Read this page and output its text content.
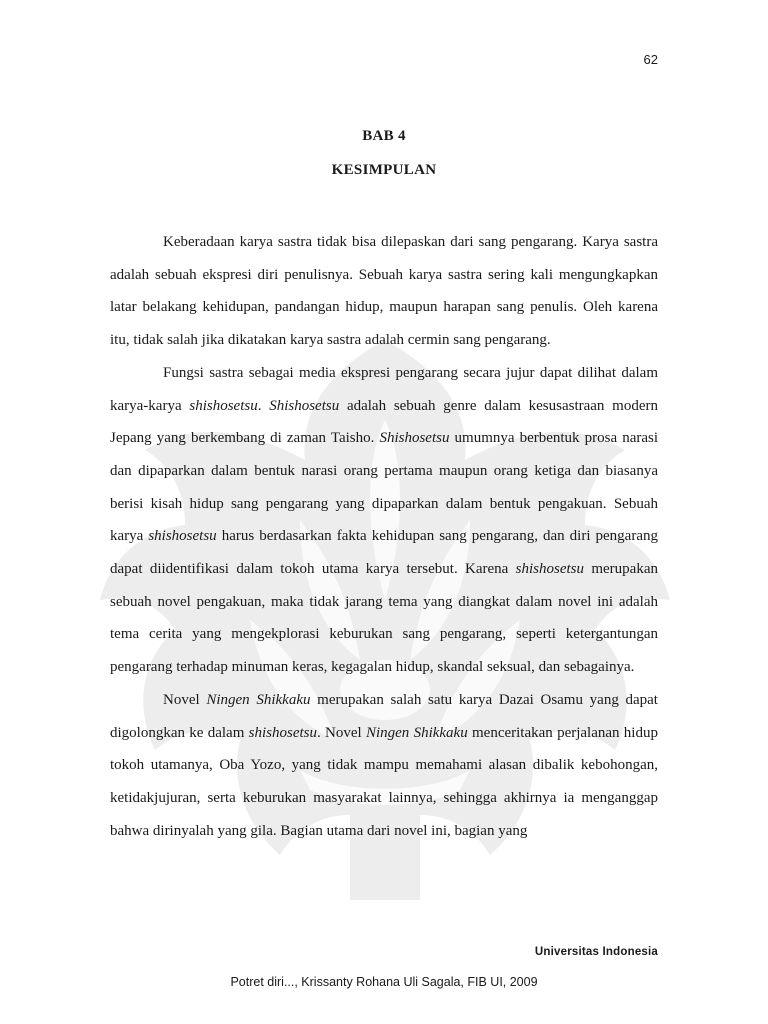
62
BAB 4
KESIMPULAN

Keberadaan karya sastra tidak bisa dilepaskan dari sang pengarang. Karya sastra adalah sebuah ekspresi diri penulisnya. Sebuah karya sastra sering kali mengungkapkan latar belakang kehidupan, pandangan hidup, maupun harapan sang penulis. Oleh karena itu, tidak salah jika dikatakan karya sastra adalah cermin sang pengarang.

Fungsi sastra sebagai media ekspresi pengarang secara jujur dapat dilihat dalam karya-karya shishosetsu. Shishosetsu adalah sebuah genre dalam kesusastraan modern Jepang yang berkembang di zaman Taisho. Shishosetsu umumnya berbentuk prosa narasi dan dipaparkan dalam bentuk narasi orang pertama maupun orang ketiga dan biasanya berisi kisah hidup sang pengarang yang dipaparkan dalam bentuk pengakuan. Sebuah karya shishosetsu harus berdasarkan fakta kehidupan sang pengarang, dan diri pengarang dapat diidentifikasi dalam tokoh utama karya tersebut. Karena shishosetsu merupakan sebuah novel pengakuan, maka tidak jarang tema yang diangkat dalam novel ini adalah tema cerita yang mengekplorasi keburukan sang pengarang, seperti ketergantungan pengarang terhadap minuman keras, kegagalan hidup, skandal seksual, dan sebagainya.

Novel Ningen Shikkaku merupakan salah satu karya Dazai Osamu yang dapat digolongkan ke dalam shishosetsu. Novel Ningen Shikkaku menceritakan perjalanan hidup tokoh utamanya, Oba Yozo, yang tidak mampu memahami alasan dibalik kebohongan, ketidakjujuran, serta keburukan masyarakat lainnya, sehingga akhirnya ia menganggap bahwa dirinyalah yang gila. Bagian utama dari novel ini, bagian yang

Universitas Indonesia
Potret diri..., Krissanty Rohana Uli Sagala, FIB UI, 2009
